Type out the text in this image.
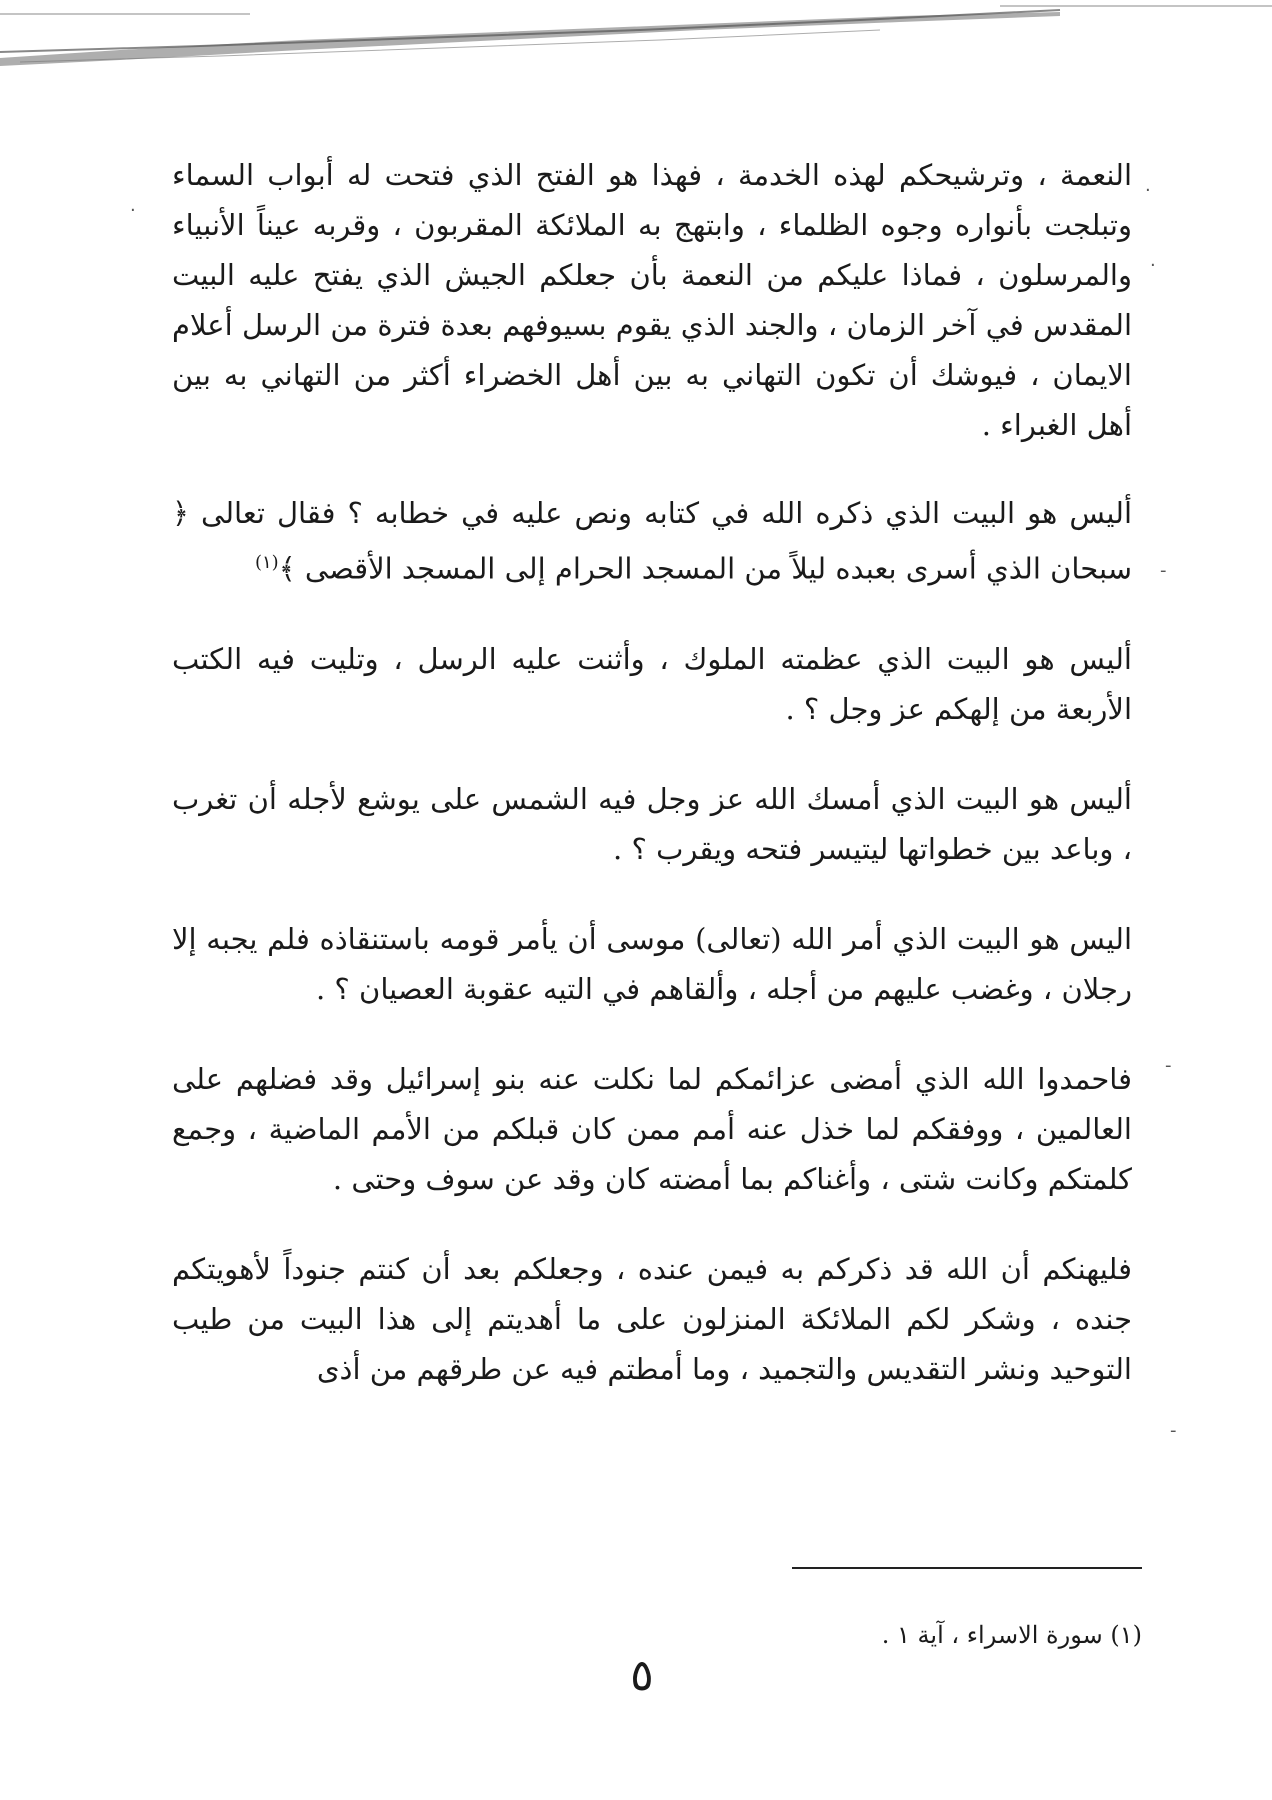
·
·
·
-
-
-

النعمة ، وترشيحكم لهذه الخدمة ، فهذا هو الفتح الذي فتحت له أبواب السماء وتبلجت بأنواره وجوه الظلماء ، وابتهج به الملائكة المقربون ، وقربه عيناً الأنبياء والمرسلون ، فماذا عليكم من النعمة بأن جعلكم الجيش الذي يفتح عليه البيت المقدس في آخر الزمان ، والجند الذي يقوم بسيوفهم بعدة فترة من الرسل أعلام الايمان ، فيوشك أن تكون التهاني به بين أهل الخضراء أكثر من التهاني به بين أهل الغبراء .

أليس هو البيت الذي ذكره الله في كتابه ونص عليه في خطابه ؟ فقال تعالى ﴿ سبحان الذي أسرى بعبده ليلاً من المسجد الحرام إلى المسجد الأقصى ﴾$^{(١)}$

أليس هو البيت الذي عظمته الملوك ، وأثنت عليه الرسل ، وتليت فيه الكتب الأربعة من إلهكم عز وجل ؟ .

أليس هو البيت الذي أمسك الله عز وجل فيه الشمس على يوشع لأجله أن تغرب ، وباعد بين خطواتها ليتيسر فتحه ويقرب ؟ .

اليس هو البيت الذي أمر الله (تعالى) موسى أن يأمر قومه باستنقاذه فلم يجبه إلا رجلان ، وغضب عليهم من أجله ، وألقاهم في التيه عقوبة العصيان ؟ .

فاحمدوا الله الذي أمضى عزائمكم لما نكلت عنه بنو إسرائيل وقد فضلهم على العالمين ، ووفقكم لما خذل عنه أمم ممن كان قبلكم من الأمم الماضية ، وجمع كلمتكم وكانت شتى ، وأغناكم بما أمضته كان وقد عن سوف وحتى .

فليهنكم أن الله قد ذكركم به فيمن عنده ، وجعلكم بعد أن كنتم جنوداً لأهويتكم جنده ، وشكر لكم الملائكة المنزلون على ما أهديتم إلى هذا البيت من طيب التوحيد ونشر التقديس والتجميد ، وما أمطتم فيه عن طرقهم من أذى

(١) سورة الاسراء ، آية ١ .
٥
